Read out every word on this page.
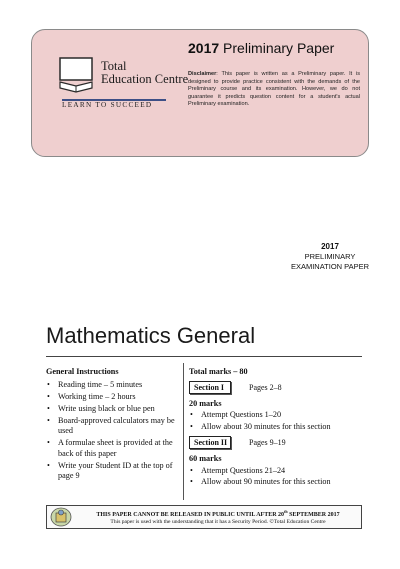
Total
Education Centre
LEARN TO SUCCEED
2017 Preliminary Paper
Disclaimer: This paper is written as a Preliminary paper. It is designed to provide practice consistent with the demands of the Preliminary course and its examination. However, we do not guarantee it predicts question content for a student's actual Preliminary examination.
2017
PRELIMINARY
EXAMINATION PAPER
Mathematics General
General Instructions
• Reading time – 5 minutes
• Working time – 2 hours
• Write using black or blue pen
• Board-approved calculators may be used
• A formulae sheet is provided at the back of this paper
• Write your Student ID at the top of page 9
Total marks – 80
Section I	Pages 2–8
20 marks
• Attempt Questions 1–20
• Allow about 30 minutes for this section
Section II	Pages 9–19
60 marks
• Attempt Questions 21–24
• Allow about 90 minutes for this section
THIS PAPER CANNOT BE RELEASED IN PUBLIC UNTIL AFTER 20th SEPTEMBER 2017
This paper is used with the understanding that it has a Security Period. ©Total Education Centre
